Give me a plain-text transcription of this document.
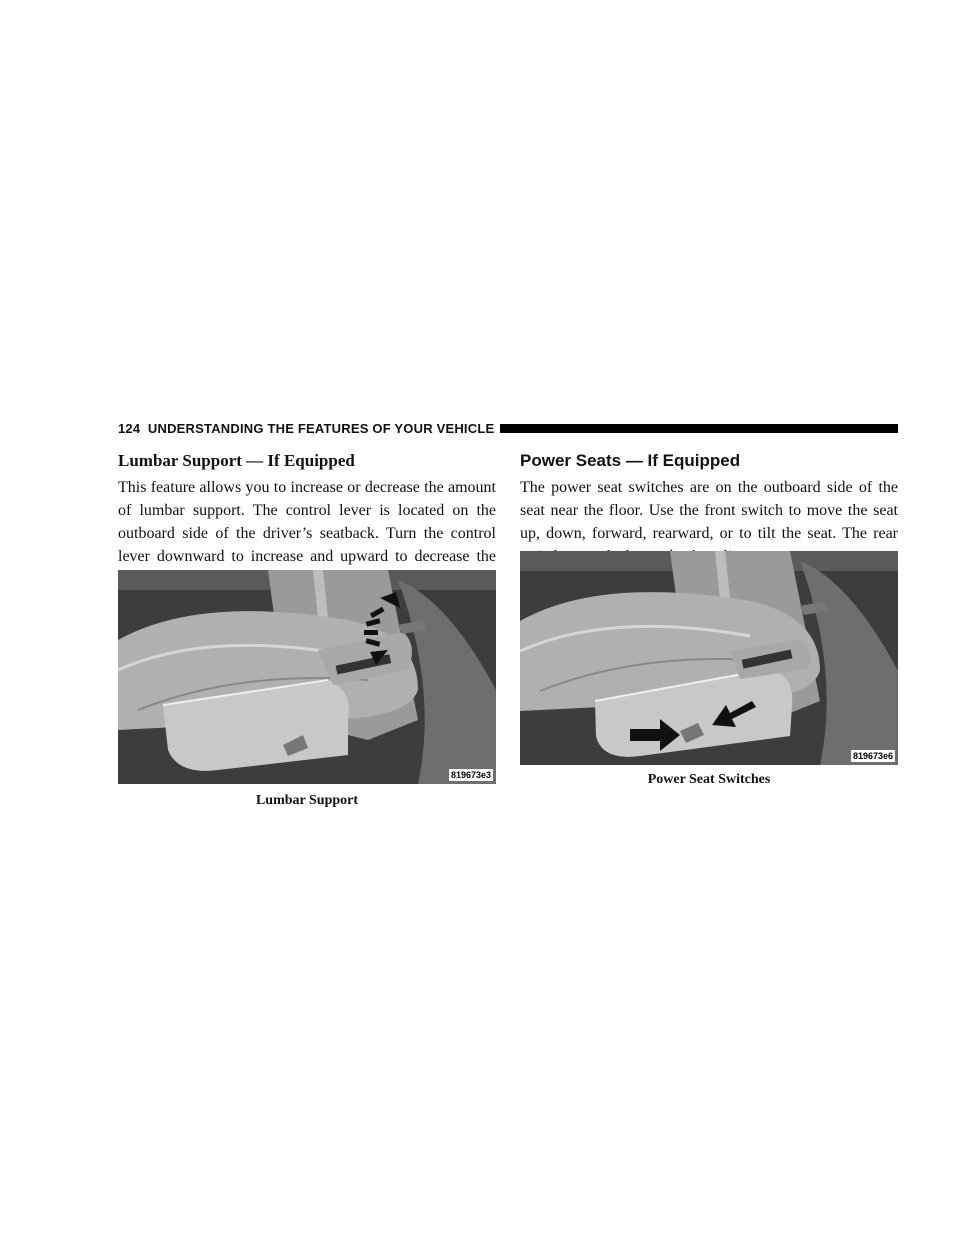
124 UNDERSTANDING THE FEATURES OF YOUR VEHICLE
Lumbar Support — If Equipped

This feature allows you to increase or decrease the amount of lumbar support. The control lever is located on the outboard side of the driver’s seatback. Turn the control lever downward to increase and upward to decrease the

Power Seats — If Equipped

The power seat switches are on the outboard side of the seat near the floor. Use the front switch to move the seat up, down, forward, rearward, or to tilt the seat. The rear

819673e3
Lumbar Support
819673e6
Power Seat Switches
